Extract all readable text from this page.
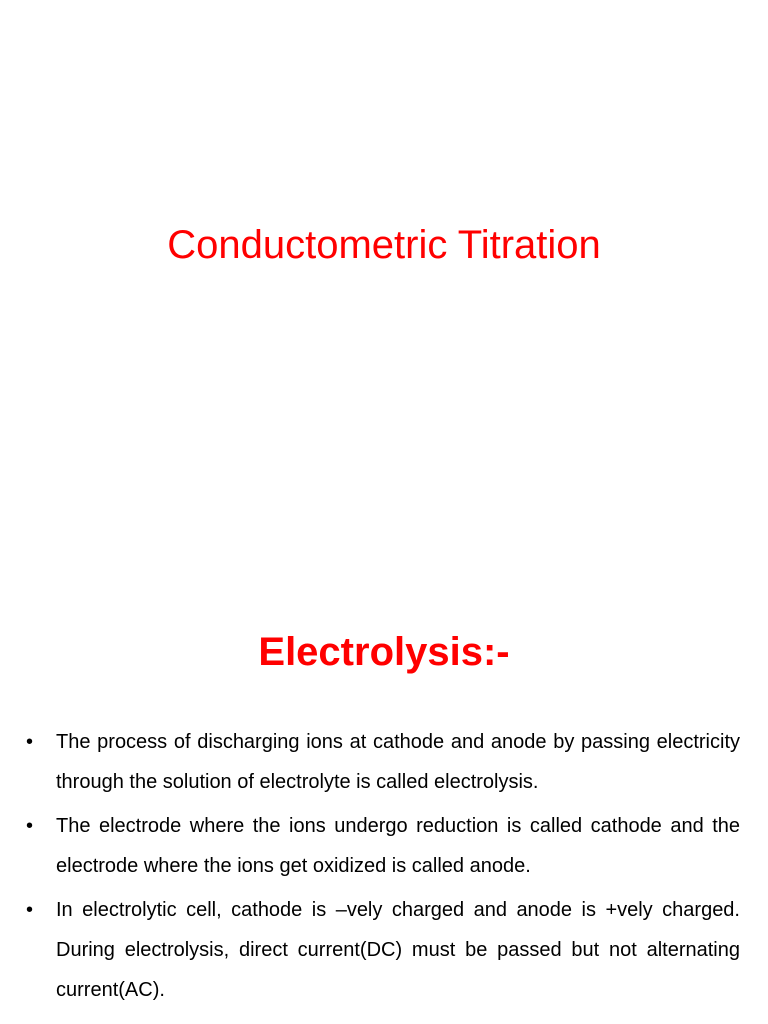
Conductometric Titration
Electrolysis:-
• The process of discharging ions at cathode and anode by passing electricity through the solution of electrolyte is called electrolysis.
• The electrode where the ions undergo reduction is called cathode and the electrode where the ions get oxidized is called anode.
• In electrolytic cell, cathode is –vely charged and anode is +vely charged. During electrolysis, direct current(DC) must be passed but not alternating current(AC).
